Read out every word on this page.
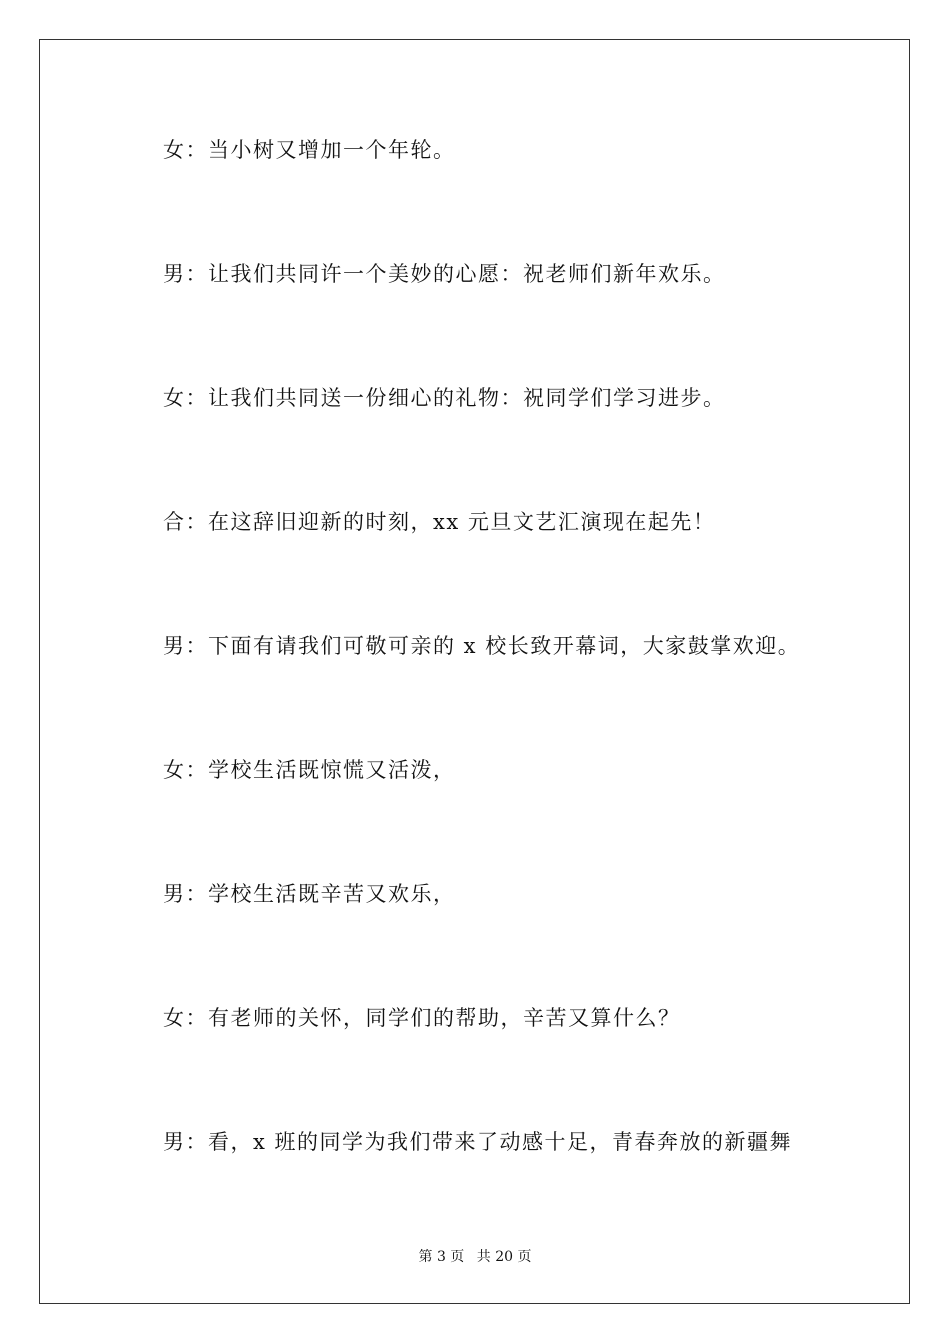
女：当小树又增加一个年轮。
男：让我们共同许一个美妙的心愿：祝老师们新年欢乐。
女：让我们共同送一份细心的礼物：祝同学们学习进步。
合：在这辞旧迎新的时刻，xx 元旦文艺汇演现在起先！
男：下面有请我们可敬可亲的 x 校长致开幕词，大家鼓掌欢迎。
女：学校生活既惊慌又活泼，
男：学校生活既辛苦又欢乐，
女：有老师的关怀，同学们的帮助，辛苦又算什么？
男：看，x 班的同学为我们带来了动感十足，青春奔放的新疆舞
第 3 页 共 20 页
